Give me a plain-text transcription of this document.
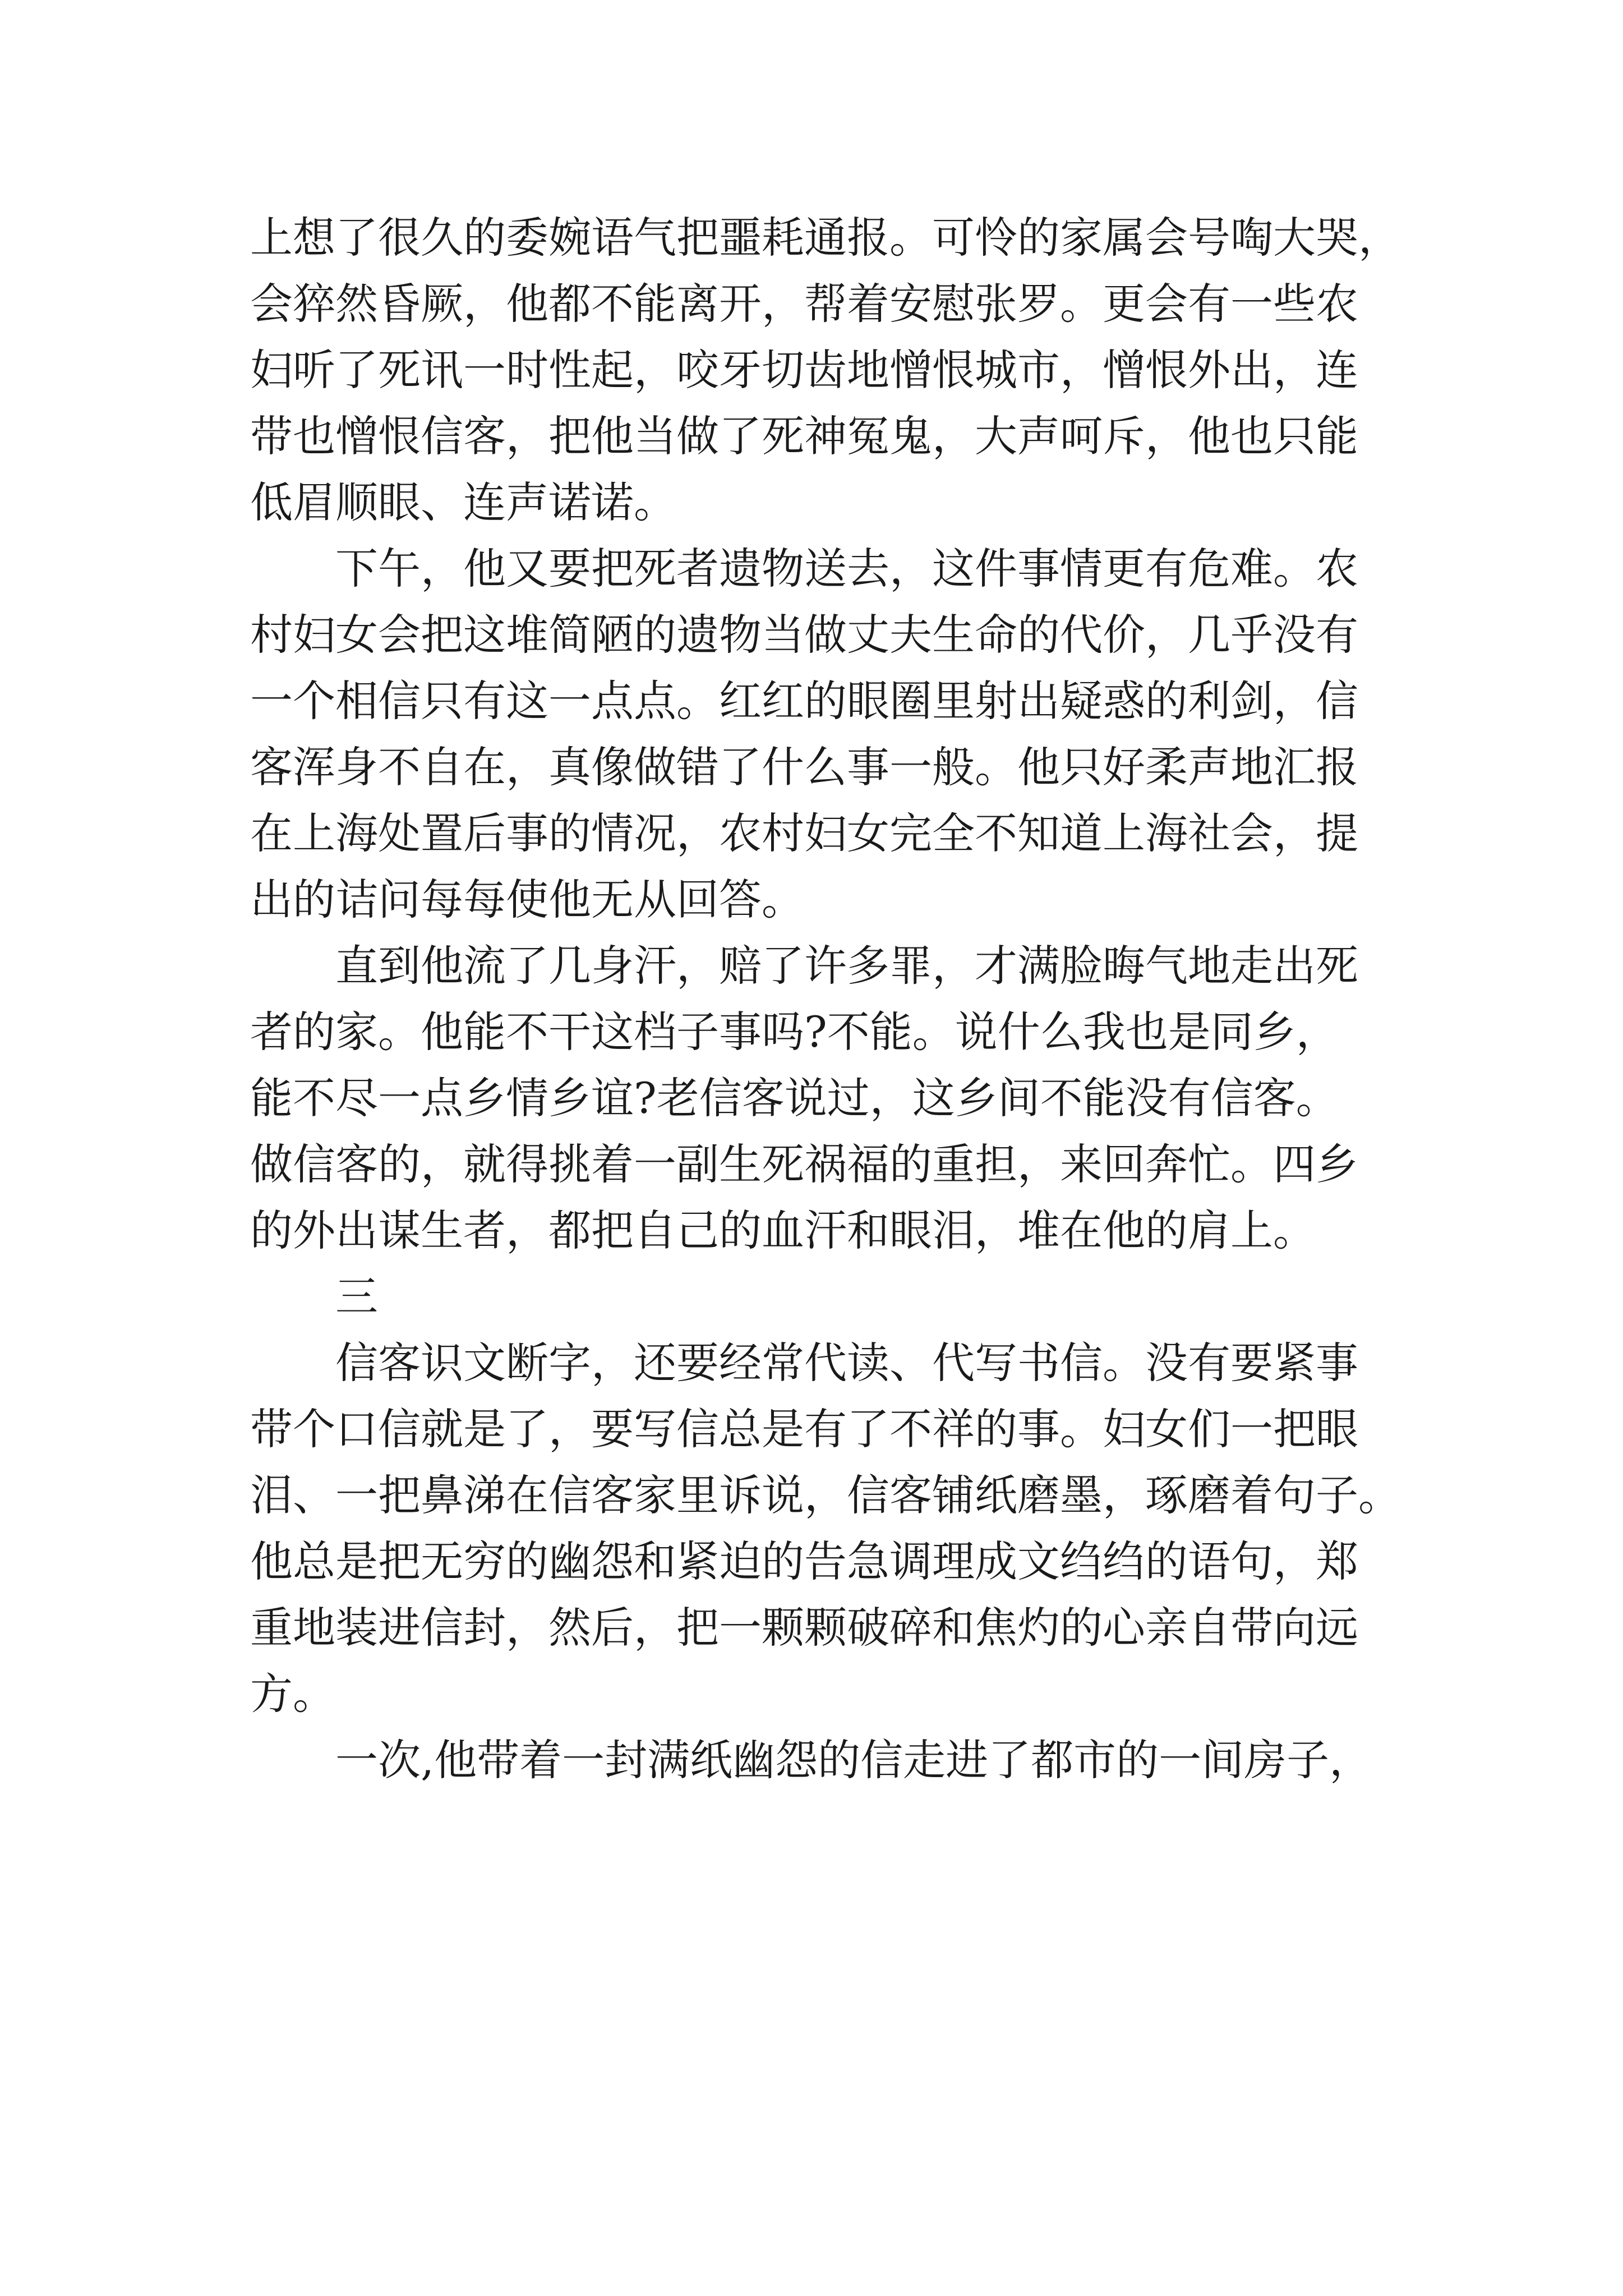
上想了很久的委婉语气把噩耗通报。可怜的家属会号啕大哭，
会猝然昏厥，他都不能离开，帮着安慰张罗。更会有一些农
妇听了死讯一时性起，咬牙切齿地憎恨城市，憎恨外出，连
带也憎恨信客，把他当做了死神冤鬼，大声呵斥，他也只能
低眉顺眼、连声诺诺。
下午，他又要把死者遗物送去，这件事情更有危难。农
村妇女会把这堆简陋的遗物当做丈夫生命的代价，几乎没有
一个相信只有这一点点。红红的眼圈里射出疑惑的利剑，信
客浑身不自在，真像做错了什么事一般。他只好柔声地汇报
在上海处置后事的情况，农村妇女完全不知道上海社会，提
出的诘问每每使他无从回答。
直到他流了几身汗，赔了许多罪，才满脸晦气地走出死
者的家。他能不干这档子事吗?不能。说什么我也是同乡，
能不尽一点乡情乡谊?老信客说过，这乡间不能没有信客。
做信客的，就得挑着一副生死祸福的重担，来回奔忙。四乡
的外出谋生者，都把自己的血汗和眼泪，堆在他的肩上。
三
信客识文断字，还要经常代读、代写书信。没有要紧事
带个口信就是了，要写信总是有了不祥的事。妇女们一把眼
泪、一把鼻涕在信客家里诉说，信客铺纸磨墨，琢磨着句子。
他总是把无穷的幽怨和紧迫的告急调理成文绉绉的语句，郑
重地装进信封，然后，把一颗颗破碎和焦灼的心亲自带向远
方。
一次,他带着一封满纸幽怨的信走进了都市的一间房子，
